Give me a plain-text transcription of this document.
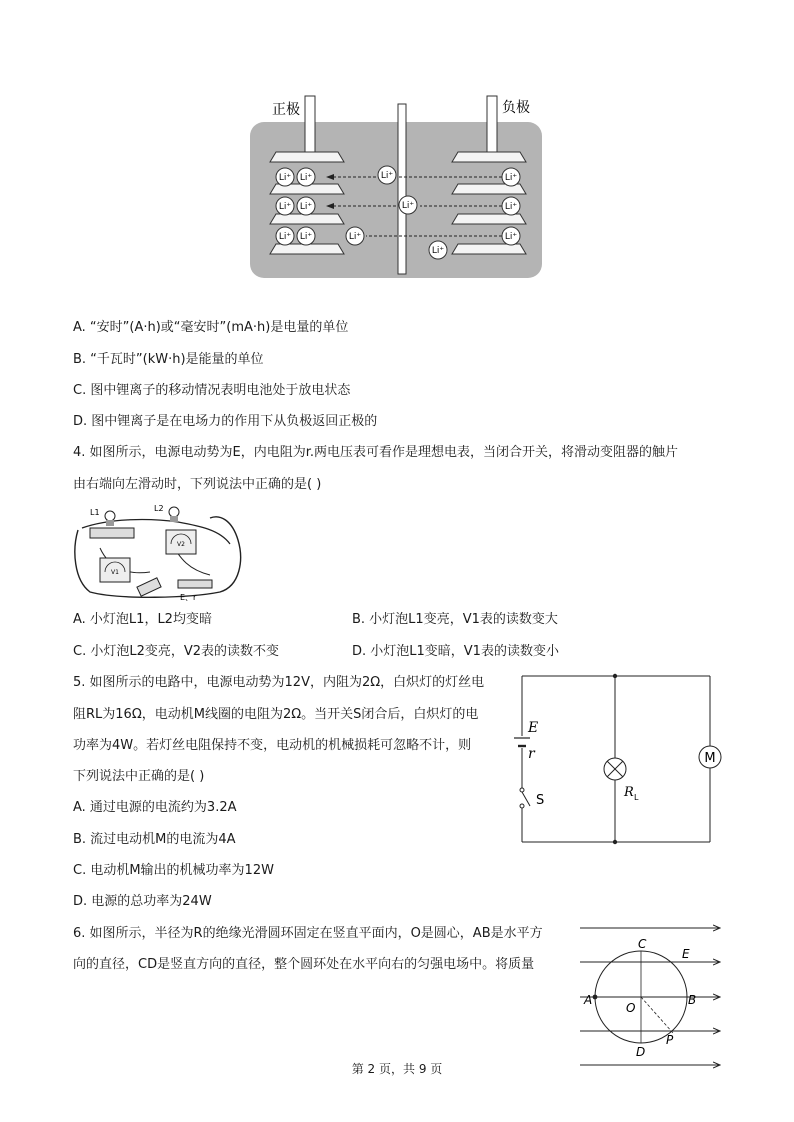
Li⁺ Li⁺
Li⁺ Li⁺
Li⁺ Li⁺
Li⁺
Li⁺
Li⁺
Li⁺
Li⁺
Li⁺
Li⁺
正极	负极
A. “安时”(A·h)或“毫安时”(mA·h)是电量的单位
B. “千瓦时”(kW·h)是能量的单位
C. 图中锂离子的移动情况表明电池处于放电状态
D. 图中锂离子是在电场力的作用下从负极返回正极的
4. 如图所示，电源电动势为E，内电阻为r.两电压表可看作是理想电表，当闭合开关，将滑动变阻器的触片
由右端向左滑动时，下列说法中正确的是( )
L1	L2
V2
V1
E、r
A. 小灯泡L1，L2均变暗	B. 小灯泡L1变亮，V1表的读数变大
C. 小灯泡L2变亮，V2表的读数不变	D. 小灯泡L1变暗，V1表的读数变小
5. 如图所示的电路中，电源电动势为12V，内阻为2Ω，白炽灯的灯丝电
阻RL为16Ω，电动机M线圈的电阻为2Ω。当开关S闭合后，白炽灯的电
功率为4W。若灯丝电阻保持不变，电动机的机械损耗可忽略不计，则
下列说法中正确的是( )
A. 通过电源的电流约为3.2A
B. 流过电动机M的电流为4A
C. 电动机M输出的机械功率为12W
D. 电源的总功率为24W
M
E
r
S
R L
6. 如图所示，半径为R的绝缘光滑圆环固定在竖直平面内，O是圆心，AB是水平方
向的直径，CD是竖直方向的直径，整个圆环处在水平向右的匀强电场中。将质量
C
E
A	B
O
P
D
第 2 页，共 9 页
